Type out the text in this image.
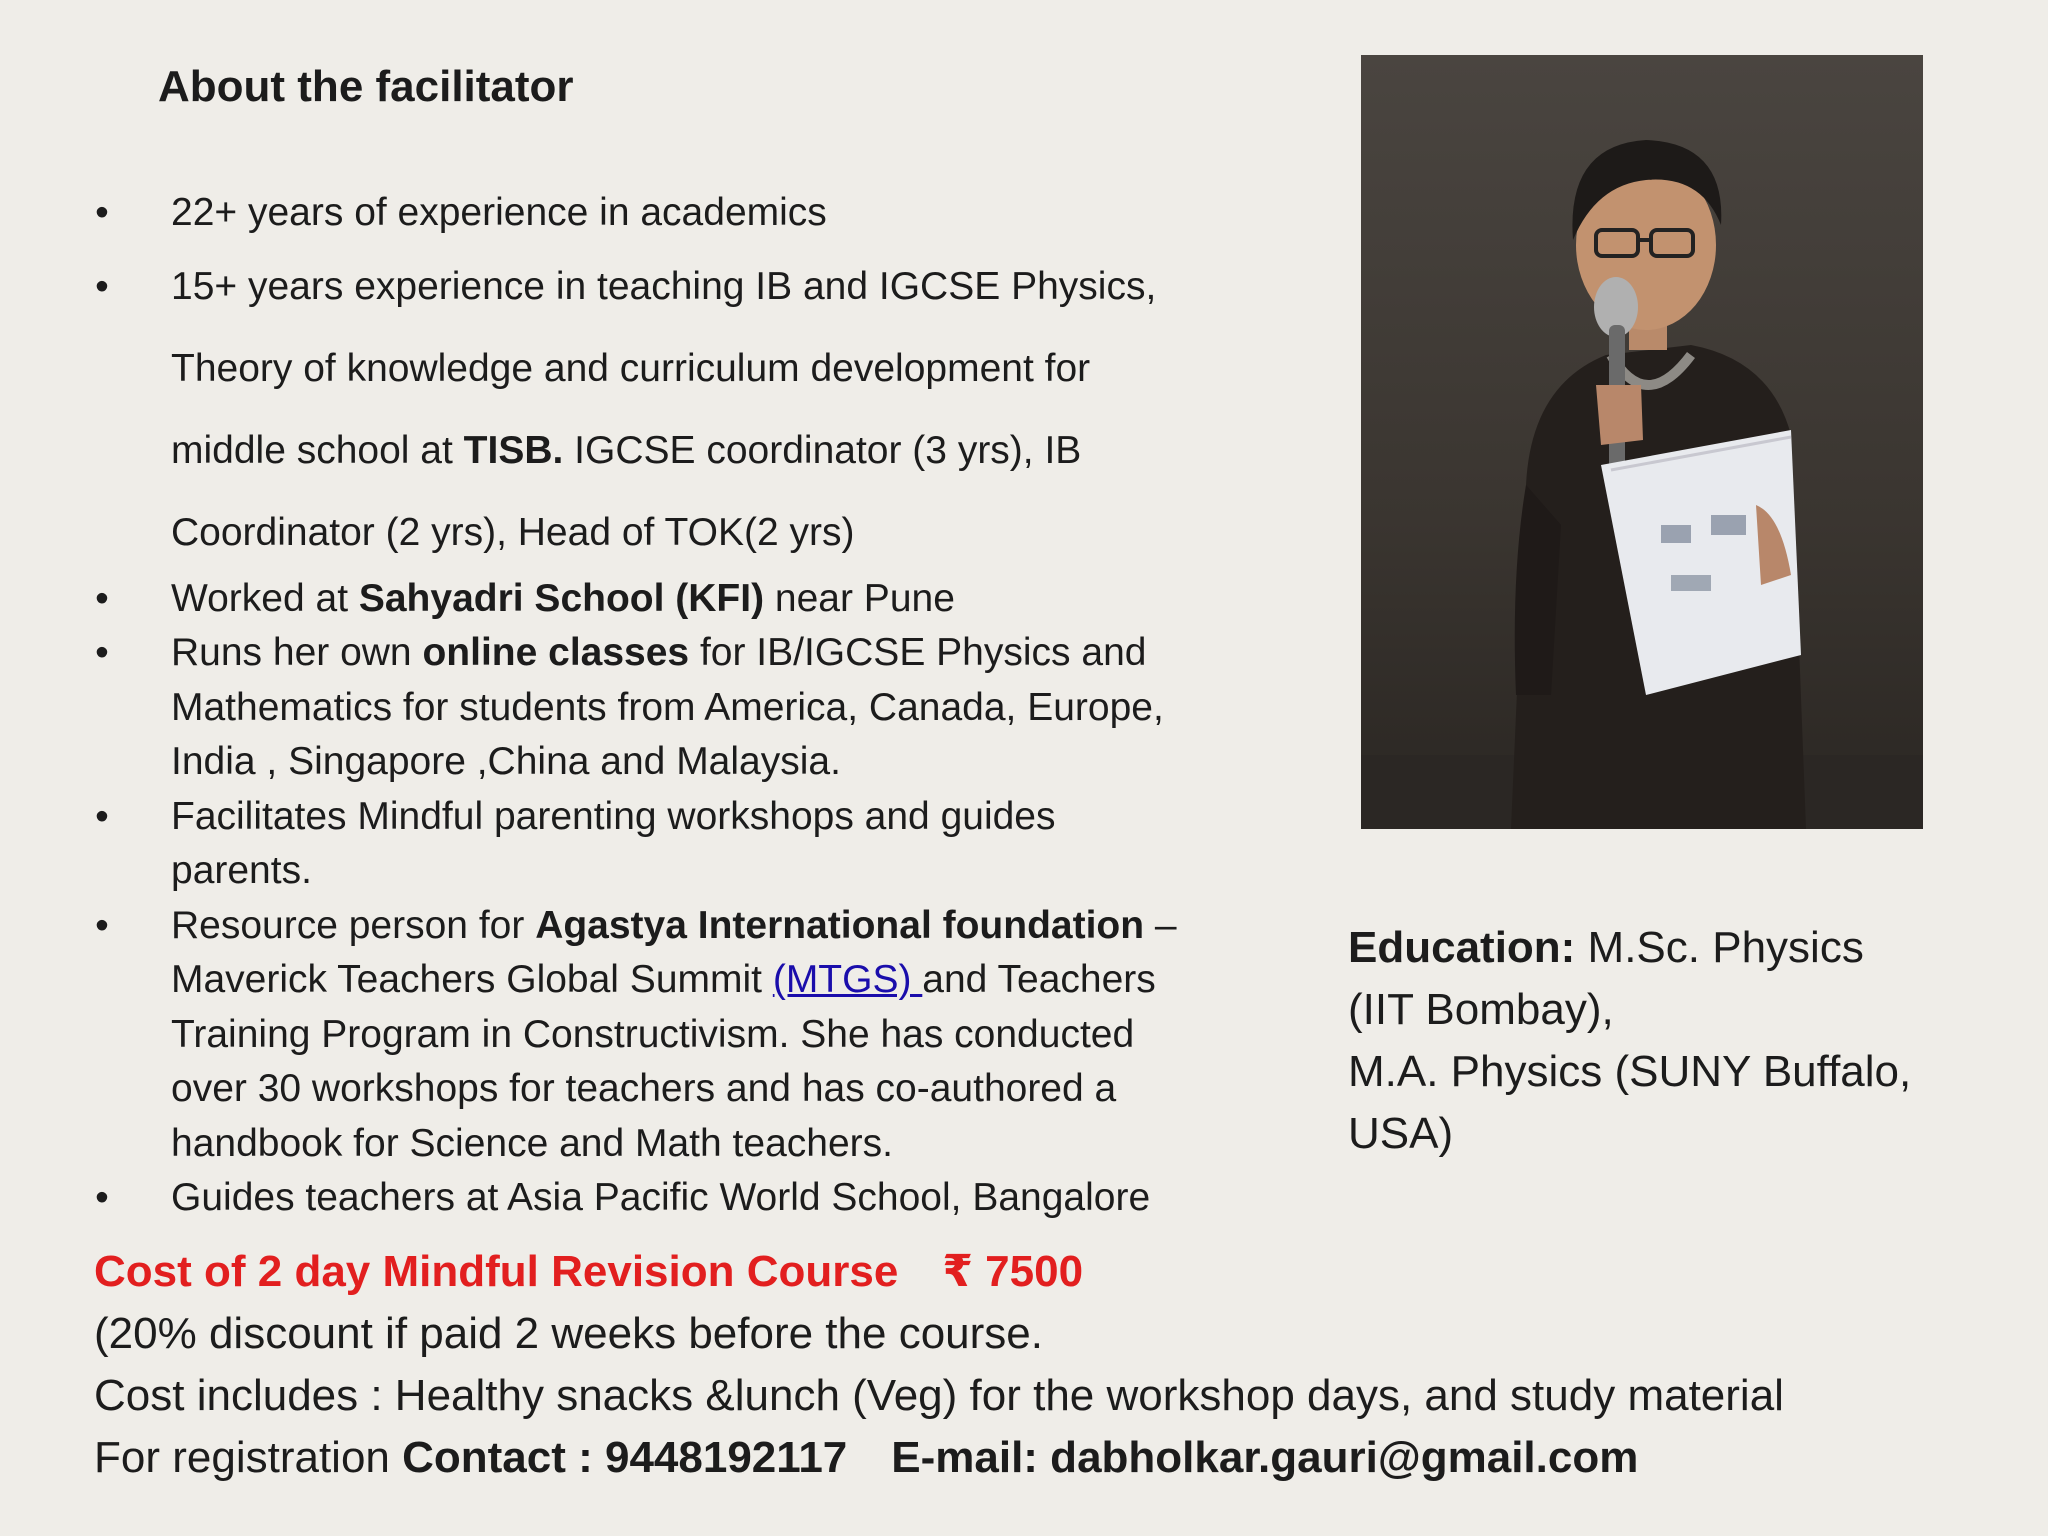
About the facilitator
• 22+ years of experience in academics
• 15+ years experience in teaching IB and IGCSE Physics,
Theory of knowledge and curriculum development for
middle school at TISB. IGCSE coordinator (3 yrs), IB
Coordinator (2 yrs), Head of TOK(2 yrs)
• Worked at Sahyadri School (KFI) near Pune
• Runs her own online classes for IB/IGCSE Physics and
Mathematics for students from America, Canada, Europe,
India , Singapore ,China and Malaysia.
• Facilitates Mindful parenting workshops and guides
parents.
• Resource person for Agastya International foundation –
Maverick Teachers Global Summit (MTGS) and Teachers
Training Program in Constructivism. She has conducted
over 30 workshops for teachers and has co-authored a
handbook for Science and Math teachers.
• Guides teachers at Asia Pacific World School, Bangalore
Education: M.Sc. Physics
(IIT Bombay),
M.A. Physics (SUNY Buffalo,
USA)
Cost of 2 day Mindful Revision Course ₹ 7500
(20% discount if paid 2 weeks before the course.
Cost includes : Healthy snacks &lunch (Veg) for the workshop days, and study material
For registration Contact : 9448192117 E-mail: dabholkar.gauri@gmail.com
